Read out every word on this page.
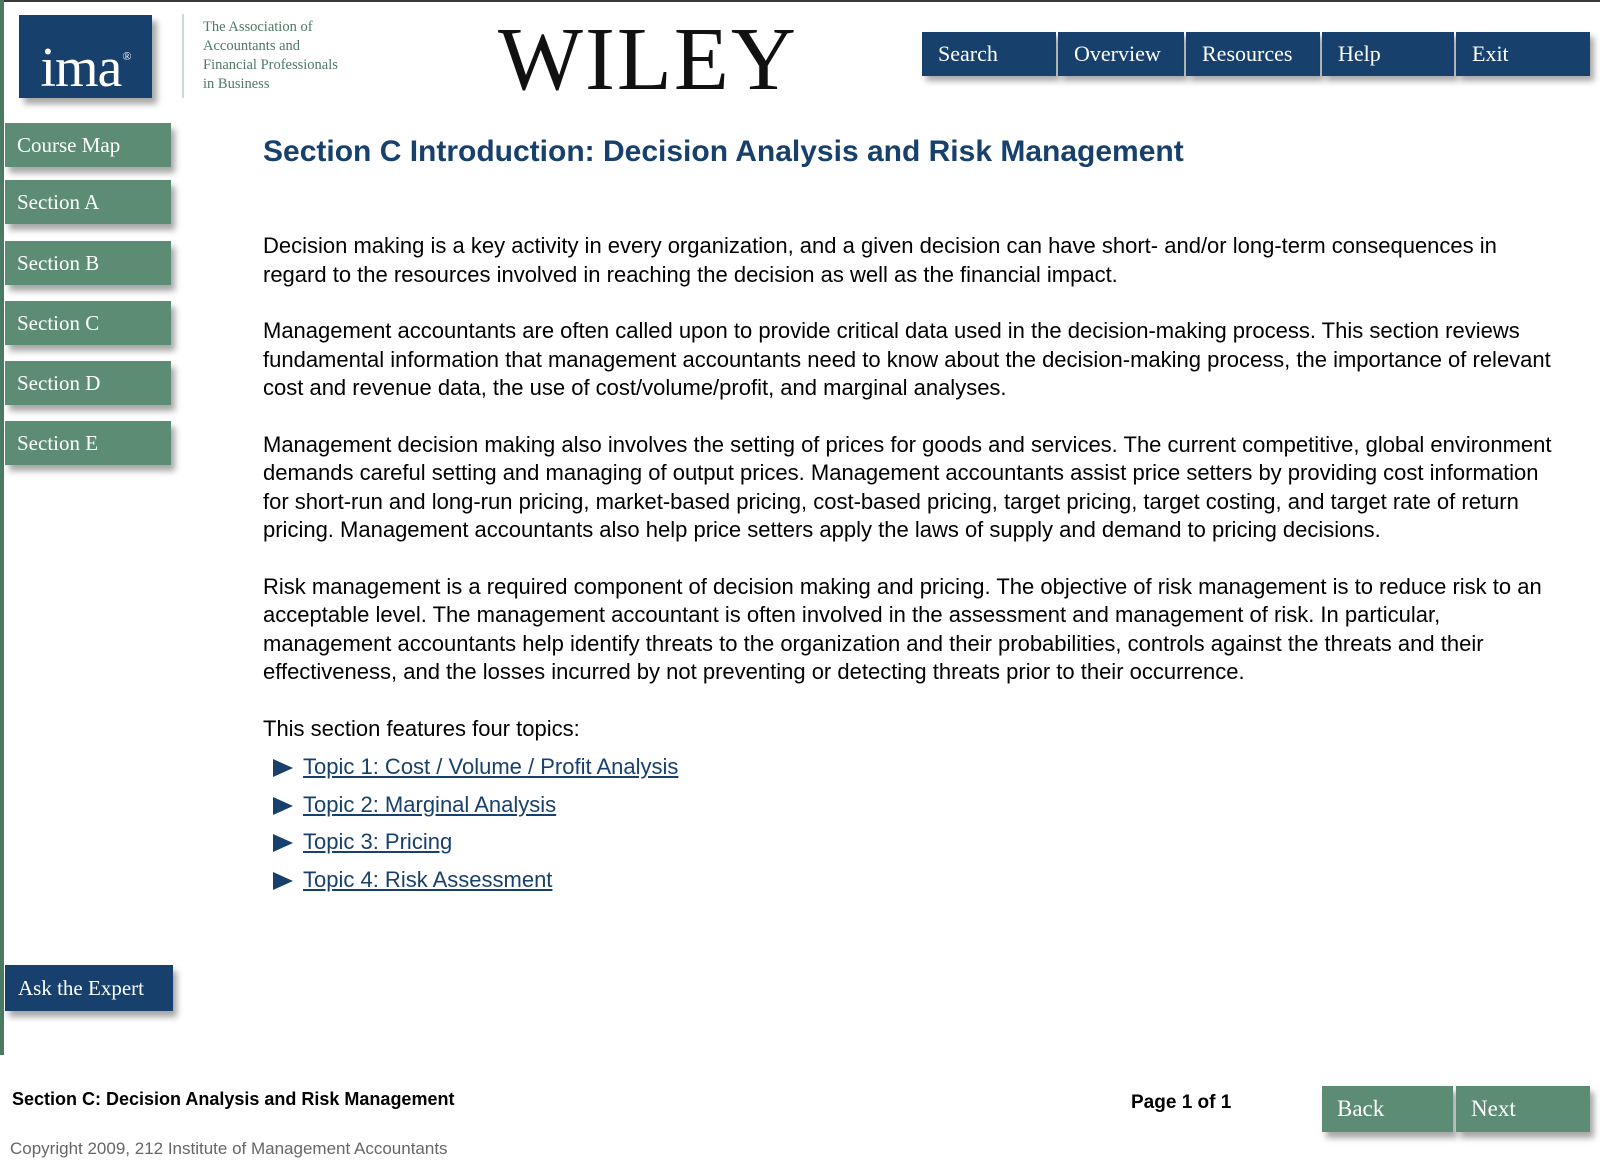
ima®
The Association of
Accountants and
Financial Professionals
in Business	WILEY	Search	Overview	Resources	Help	Exit
Course Map
Section A
Section B
Section C
Section D
Section E
Ask the Expert
Section C Introduction: Decision Analysis and Risk Management

Decision making is a key activity in every organization, and a given decision can have short- and/or long-term consequences in regard to the resources involved in reaching the decision as well as the financial impact.

Management accountants are often called upon to provide critical data used in the decision-making process. This section reviews fundamental information that management accountants need to know about the decision-making process, the importance of relevant cost and revenue data, the use of cost/volume/profit, and marginal analyses.

Management decision making also involves the setting of prices for goods and services. The current competitive, global environment demands careful setting and managing of output prices. Management accountants assist price setters by providing cost information for short-run and long-run pricing, market-based pricing, cost-based pricing, target pricing, target costing, and target rate of return pricing. Management accountants also help price setters apply the laws of supply and demand to pricing decisions.

Risk management is a required component of decision making and pricing. The objective of risk management is to reduce risk to an acceptable level. The management accountant is often involved in the assessment and management of risk. In particular, management accountants help identify threats to the organization and their probabilities, controls against the threats and their effectiveness, and the losses incurred by not preventing or detecting threats prior to their occurrence.

This section features four topics:

Topic 1: Cost / Volume / Profit Analysis
Topic 2: Marginal Analysis
Topic 3: Pricing
Topic 4: Risk Assessment
Section C: Decision Analysis and Risk Management
Copyright 2009, 212 Institute of Management Accountants
Page 1 of 1	Back	Next
